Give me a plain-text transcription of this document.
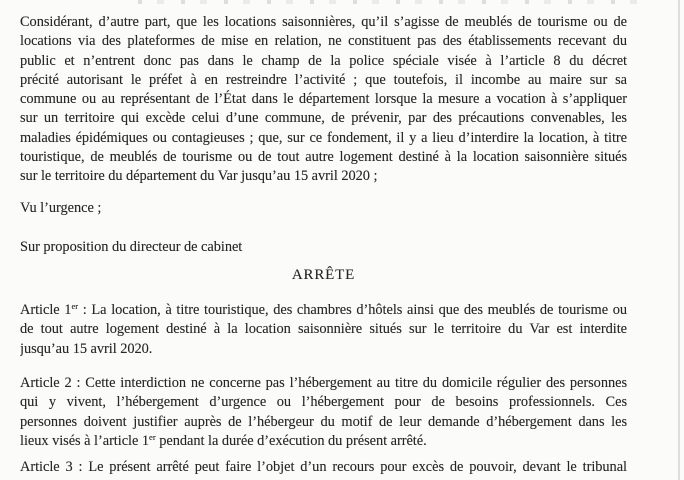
Considérant, d’autre part, que les locations saisonnières, qu’il s’agisse de meublés de tourisme ou de
locations via des plateformes de mise en relation, ne constituent pas des établissements recevant du
public et n’entrent donc pas dans le champ de la police spéciale visée à l’article 8 du décret
précité autorisant le préfet à en restreindre l’activité ; que toutefois, il incombe au maire sur sa
commune ou au représentant de l’État dans le département lorsque la mesure a vocation à s’appliquer
sur un territoire qui excède celui d’une commune, de prévenir, par des précautions convenables, les
maladies épidémiques ou contagieuses ; que, sur ce fondement, il y a lieu d’interdire la location, à titre
touristique, de meublés de tourisme ou de tout autre logement destiné à la location saisonnière situés
sur le territoire du département du Var jusqu’au 15 avril 2020 ;
Vu l’urgence ;
Sur proposition du directeur de cabinet
ARRÊTE
Article 1er : La location, à titre touristique, des chambres d’hôtels ainsi que des meublés de tourisme ou
de tout autre logement destiné à la location saisonnière situés sur le territoire du Var est interdite
jusqu’au 15 avril 2020.
Article 2 : Cette interdiction ne concerne pas l’hébergement au titre du domicile régulier des personnes
qui y vivent, l’hébergement d’urgence ou l’hébergement pour de besoins professionnels. Ces
personnes doivent justifier auprès de l’hébergeur du motif de leur demande d’hébergement dans les
lieux visés à l’article 1er pendant la durée d’exécution du présent arrêté.
Article 3 : Le présent arrêté peut faire l’objet d’un recours pour excès de pouvoir, devant le tribunal
